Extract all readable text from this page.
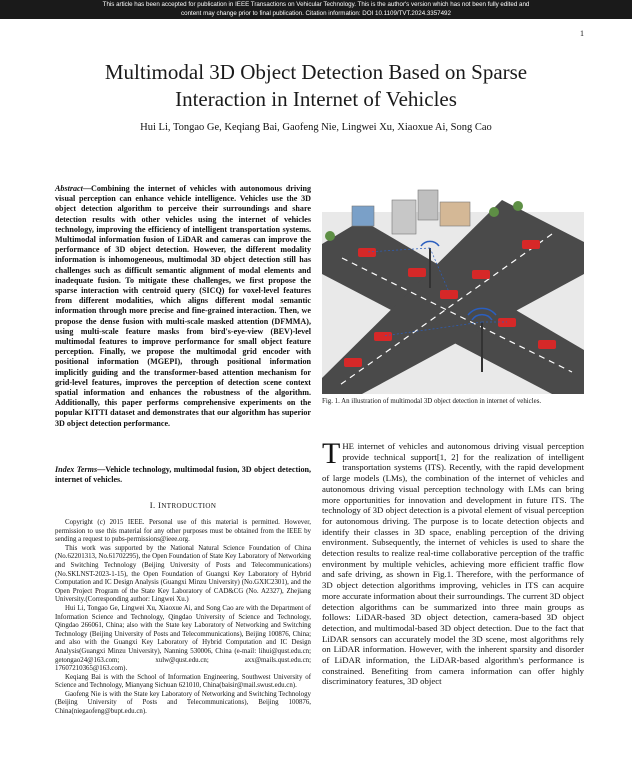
This article has been accepted for publication in IEEE Transactions on Vehicular Technology. This is the author's version which has not been fully edited and
content may change prior to final publication. Citation information: DOI 10.1109/TVT.2024.3357492
1
Multimodal 3D Object Detection Based on Sparse
Interaction in Internet of Vehicles
Hui Li, Tongao Ge, Keqiang Bai, Gaofeng Nie, Lingwei Xu, Xiaoxue Ai, Song Cao
Abstract—Combining the internet of vehicles with autonomous driving visual perception can enhance vehicle intelligence. Vehicles use the 3D object detection algorithm to perceive their surroundings and share detection results with other vehicles using the internet of vehicles technology, improving the efficiency of intelligent transportation systems. Multimodal information fusion of LiDAR and cameras can improve the performance of 3D object detection. However, the different modality information is inhomogeneous, multimodal 3D object detection still has challenges such as difficult semantic alignment of modal elements and inadequate fusion. To mitigate these challenges, we first propose the sparse interaction with centroid query (SICQ) for voxel-level features from different modalities, which aligns different modal semantic information through more precise and fine-grained interaction. Then, we propose the dense fusion with multi-scale masked attention (DFMMA), using multi-scale feature masks from bird's-eye-view (BEV)-level multimodal features to improve performance for small object feature perception. Finally, we propose the multimodal grid encoder with positional information (MGEPI), through positional information implicitly guiding and the transformer-based attention mechanism for grid-level features, improves the perception of detection scene context spatial information and enhances the robustness of the algorithm. Additionally, this paper performs comprehensive experiments on the popular KITTI dataset and demonstrates that our algorithm has superior 3D object detection performance.
Index Terms—Vehicle technology, multimodal fusion, 3D object detection, internet of vehicles.
I. INTRODUCTION

Copyright (c) 2015 IEEE. Personal use of this material is permitted. However, permission to use this material for any other purposes must be obtained from the IEEE by sending a request to pubs-permissions@ieee.org.

This work was supported by the National Natural Science Foundation of China (No.62201313, No.61702295), the Open Foundation of State Key Laboratory of Networking and Switching Technology (Beijing University of Posts and Telecommunications) (No.SKLNST-2023-1-15), the Open Foundation of Guangxi Key Laboratory of Hybrid Computation and IC Design Analysis (Guangxi Minzu University) (No.GXIC2301), and the Open Project Program of the State Key Laboratory of CAD&CG (No. A2327), Zhejiang University.(Corresponding author: Lingwei Xu.)

Hui Li, Tongao Ge, Lingwei Xu, Xiaoxue Ai, and Song Cao are with the Department of Information Science and Technology, Qingdao University of Science and Technology, Qingdao 266061, China; also with the State key Laboratory of Networking and Switching Technology (Beijing University of Posts and Telecommunications), Beijing 100876, China; and also with the Guangxi Key Laboratory of Hybrid Computation and IC Design Analysis(Guangxi Minzu University), Nanning 530006, China (e-mail: lihui@qust.edu.cn; getongao24@163.com; xulw@qust.edu.cn; axx@mails.qust.edu.cn; 17607210365@163.com).

Keqiang Bai is with the School of Information Engineering, Southwest University of Science and Technology, Mianyang Sichuan 621010, China(baisir@mail.swust.edu.cn).

Gaofeng Nie is with the State key Laboratory of Networking and Switching Technology (Beijing University of Posts and Telecommunications), Beijing 100876, China(niegaofeng@bupt.edu.cn).

Fig. 1. An illustration of multimodal 3D object detection in internet of vehicles.
THE internet of vehicles and autonomous driving visual perception provide technical support[1, 2] for the realization of intelligent transportation systems (ITS). Recently, with the rapid development of large models (LMs), the combination of the internet of vehicles and autonomous driving visual perception technology with LMs can bring more opportunities for innovation and development in future ITS. The technology of 3D object detection is a pivotal element of visual perception for autonomous driving. The purpose is to locate detection objects and identify their classes in 3D space, enabling perception of the driving environment. Subsequently, the internet of vehicles is used to share the detection results to realize real-time collaborative perception of the traffic environment by multiple vehicles, achieving more efficient traffic flow and safe driving, as shown in Fig.1. Therefore, with the performance of 3D object detection algorithms improving, vehicles in ITS can acquire more accurate information about their surroundings. The current 3D object detection algorithms can be summarized into three main groups as follows: LiDAR-based 3D object detection, camera-based 3D object detection, and multimodal-based 3D object detection. Due to the fact that LiDAR sensors can accurately model the 3D scene, most algorithms rely on LiDAR information. However, with the inherent sparsity and disorder of LiDAR information, the LiDAR-based algorithm's performance is constrained. Benefiting from camera information can offer highly discriminatory features, 3D object
